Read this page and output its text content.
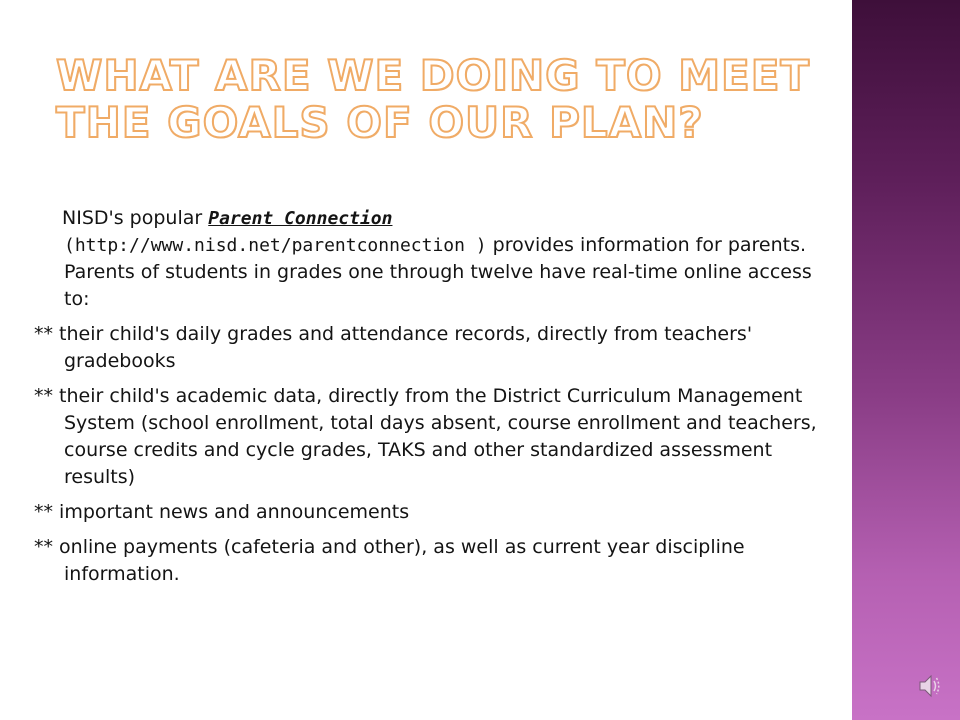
WHAT ARE WE DOING TO MEET THE GOALS OF OUR PLAN?

NISD's popular Parent Connection
(http://www.nisd.net/parentconnection ) provides information for parents. Parents of students in grades one through twelve have real-time online access to:

** their child's daily grades and attendance records, directly from teachers' gradebooks

** their child's academic data, directly from the District Curriculum Management System (school enrollment, total days absent, course enrollment and teachers, course credits and cycle grades, TAKS and other standardized assessment results)

** important news and announcements

** online payments (cafeteria and other), as well as current year discipline information.
